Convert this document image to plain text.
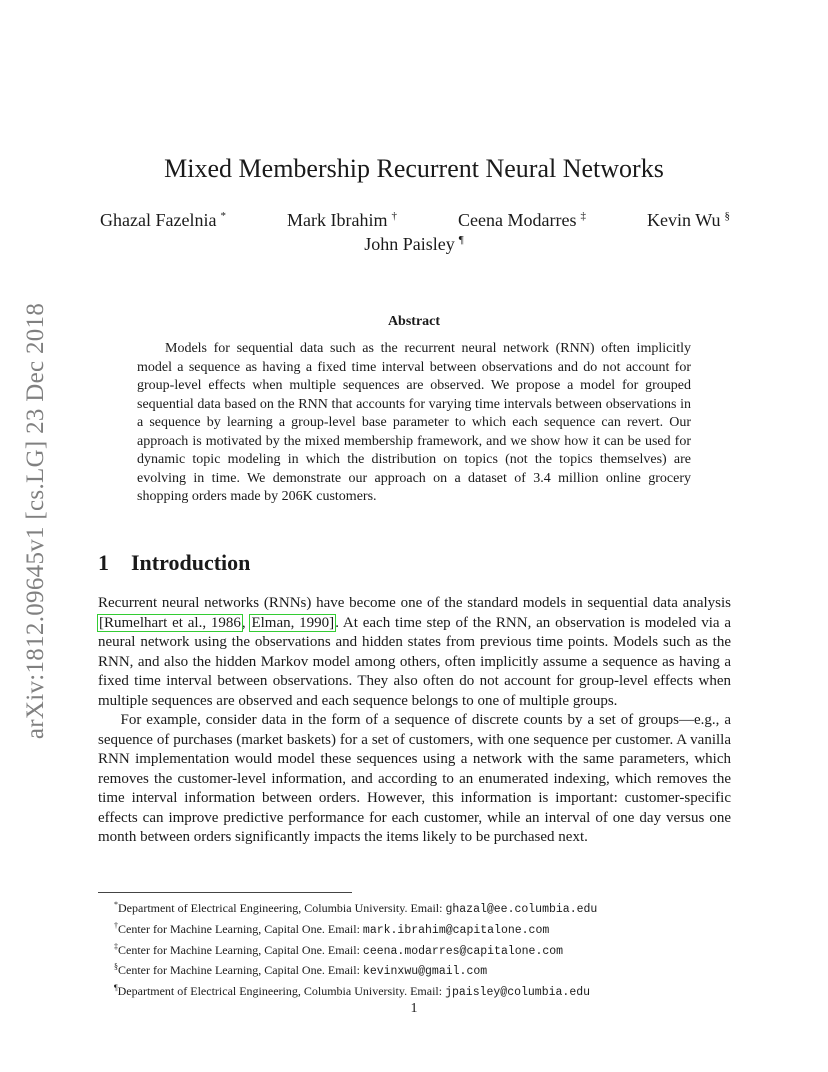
arXiv:1812.09645v1 [cs.LG] 23 Dec 2018
Mixed Membership Recurrent Neural Networks
Ghazal Fazelnia *	Mark Ibrahim †	Ceena Modarres ‡	Kevin Wu §
John Paisley ¶
Abstract

Models for sequential data such as the recurrent neural network (RNN) often implicitly model a sequence as having a fixed time interval between observations and do not account for group-level effects when multiple sequences are observed. We propose a model for grouped sequential data based on the RNN that accounts for varying time intervals between observations in a sequence by learning a group-level base parameter to which each sequence can revert. Our approach is motivated by the mixed membership framework, and we show how it can be used for dynamic topic modeling in which the distribution on topics (not the topics themselves) are evolving in time. We demonstrate our approach on a dataset of 3.4 million online grocery shopping orders made by 206K customers.

1 Introduction

Recurrent neural networks (RNNs) have become one of the standard models in sequential data analysis [Rumelhart et al., 1986, Elman, 1990]. At each time step of the RNN, an observation is modeled via a neural network using the observations and hidden states from previous time points. Models such as the RNN, and also the hidden Markov model among others, often implicitly assume a sequence as having a fixed time interval between observations. They also often do not account for group-level effects when multiple sequences are observed and each sequence belongs to one of multiple groups.

For example, consider data in the form of a sequence of discrete counts by a set of groups—e.g., a sequence of purchases (market baskets) for a set of customers, with one sequence per customer. A vanilla RNN implementation would model these sequences using a network with the same parameters, which removes the customer-level information, and according to an enumerated indexing, which removes the time interval information between orders. However, this information is important: customer-specific effects can improve predictive performance for each customer, while an interval of one day versus one month between orders significantly impacts the items likely to be purchased next.

*Department of Electrical Engineering, Columbia University. Email: ghazal@ee.columbia.edu
†Center for Machine Learning, Capital One. Email: mark.ibrahim@capitalone.com
‡Center for Machine Learning, Capital One. Email: ceena.modarres@capitalone.com
§Center for Machine Learning, Capital One. Email: kevinxwu@gmail.com
¶Department of Electrical Engineering, Columbia University. Email: jpaisley@columbia.edu
1
